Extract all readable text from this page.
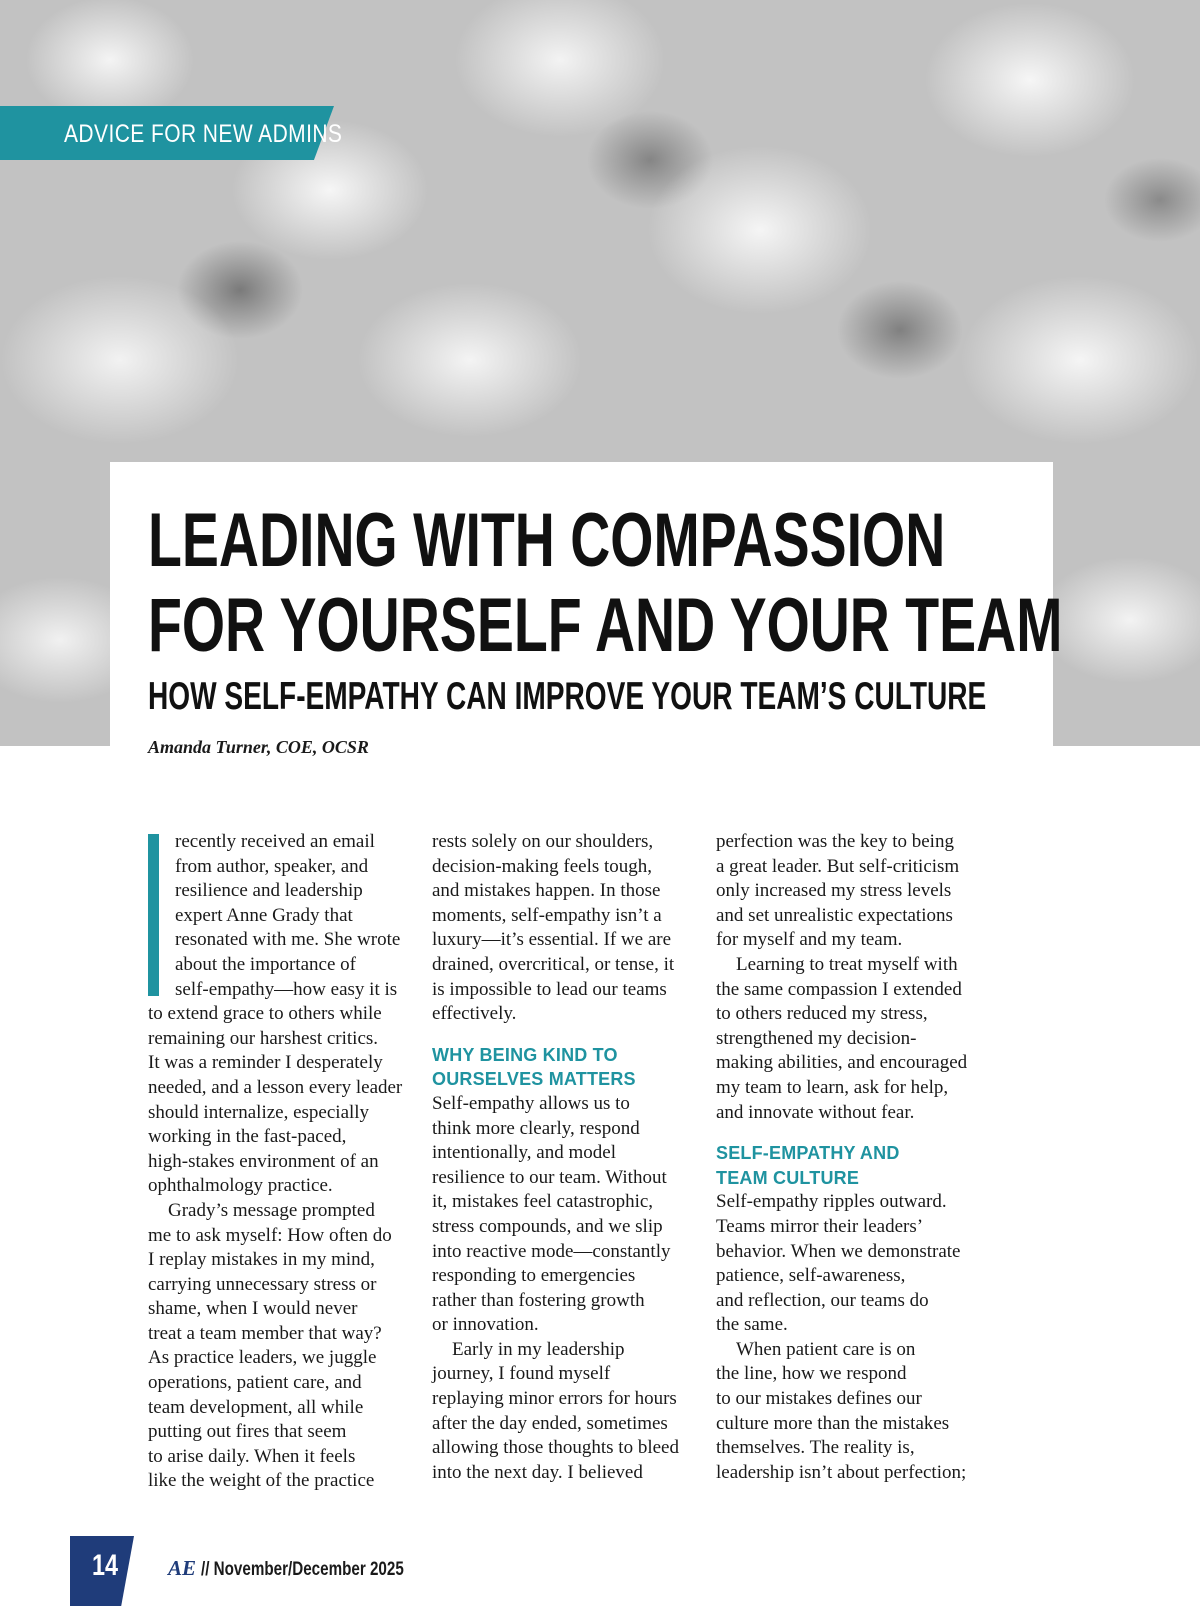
ADVICE FOR NEW ADMINS
LEADING WITH COMPASSION
FOR YOURSELF AND YOUR TEAM
HOW SELF-EMPATHY CAN IMPROVE YOUR TEAM’S CULTURE

Amanda Turner, COE, OCSR

recently received an email
from author, speaker, and
resilience and leadership
expert Anne Grady that
resonated with me. She wrote
about the importance of
self-empathy—how easy it is

to extend grace to others while
remaining our harshest critics.
It was a reminder I desperately
needed, and a lesson every leader
should internalize, especially
working in the fast-paced,
high-stakes environment of an
ophthalmology practice.

Grady’s message prompted
me to ask myself: How often do
I replay mistakes in my mind,
carrying unnecessary stress or
shame, when I would never
treat a team member that way?
As practice leaders, we juggle
operations, patient care, and
team development, all while
putting out fires that seem
to arise daily. When it feels
like the weight of the practice

rests solely on our shoulders,
decision-making feels tough,
and mistakes happen. In those
moments, self-empathy isn’t a
luxury—it’s essential. If we are
drained, overcritical, or tense, it
is impossible to lead our teams
effectively.

WHY BEING KIND TO
OURSELVES MATTERS

Self-empathy allows us to
think more clearly, respond
intentionally, and model
resilience to our team. Without
it, mistakes feel catastrophic,
stress compounds, and we slip
into reactive mode—constantly
responding to emergencies
rather than fostering growth
or innovation.

Early in my leadership
journey, I found myself
replaying minor errors for hours
after the day ended, sometimes
allowing those thoughts to bleed
into the next day. I believed

perfection was the key to being
a great leader. But self-criticism
only increased my stress levels
and set unrealistic expectations
for myself and my team.

Learning to treat myself with
the same compassion I extended
to others reduced my stress,
strengthened my decision-
making abilities, and encouraged
my team to learn, ask for help,
and innovate without fear.

SELF-EMPATHY AND
TEAM CULTURE

Self-empathy ripples outward.
Teams mirror their leaders’
behavior. When we demonstrate
patience, self-awareness,
and reflection, our teams do
the same.

When patient care is on
the line, how we respond
to our mistakes defines our
culture more than the mistakes
themselves. The reality is,
leadership isn’t about perfection;

14 AE // November/December 2025
